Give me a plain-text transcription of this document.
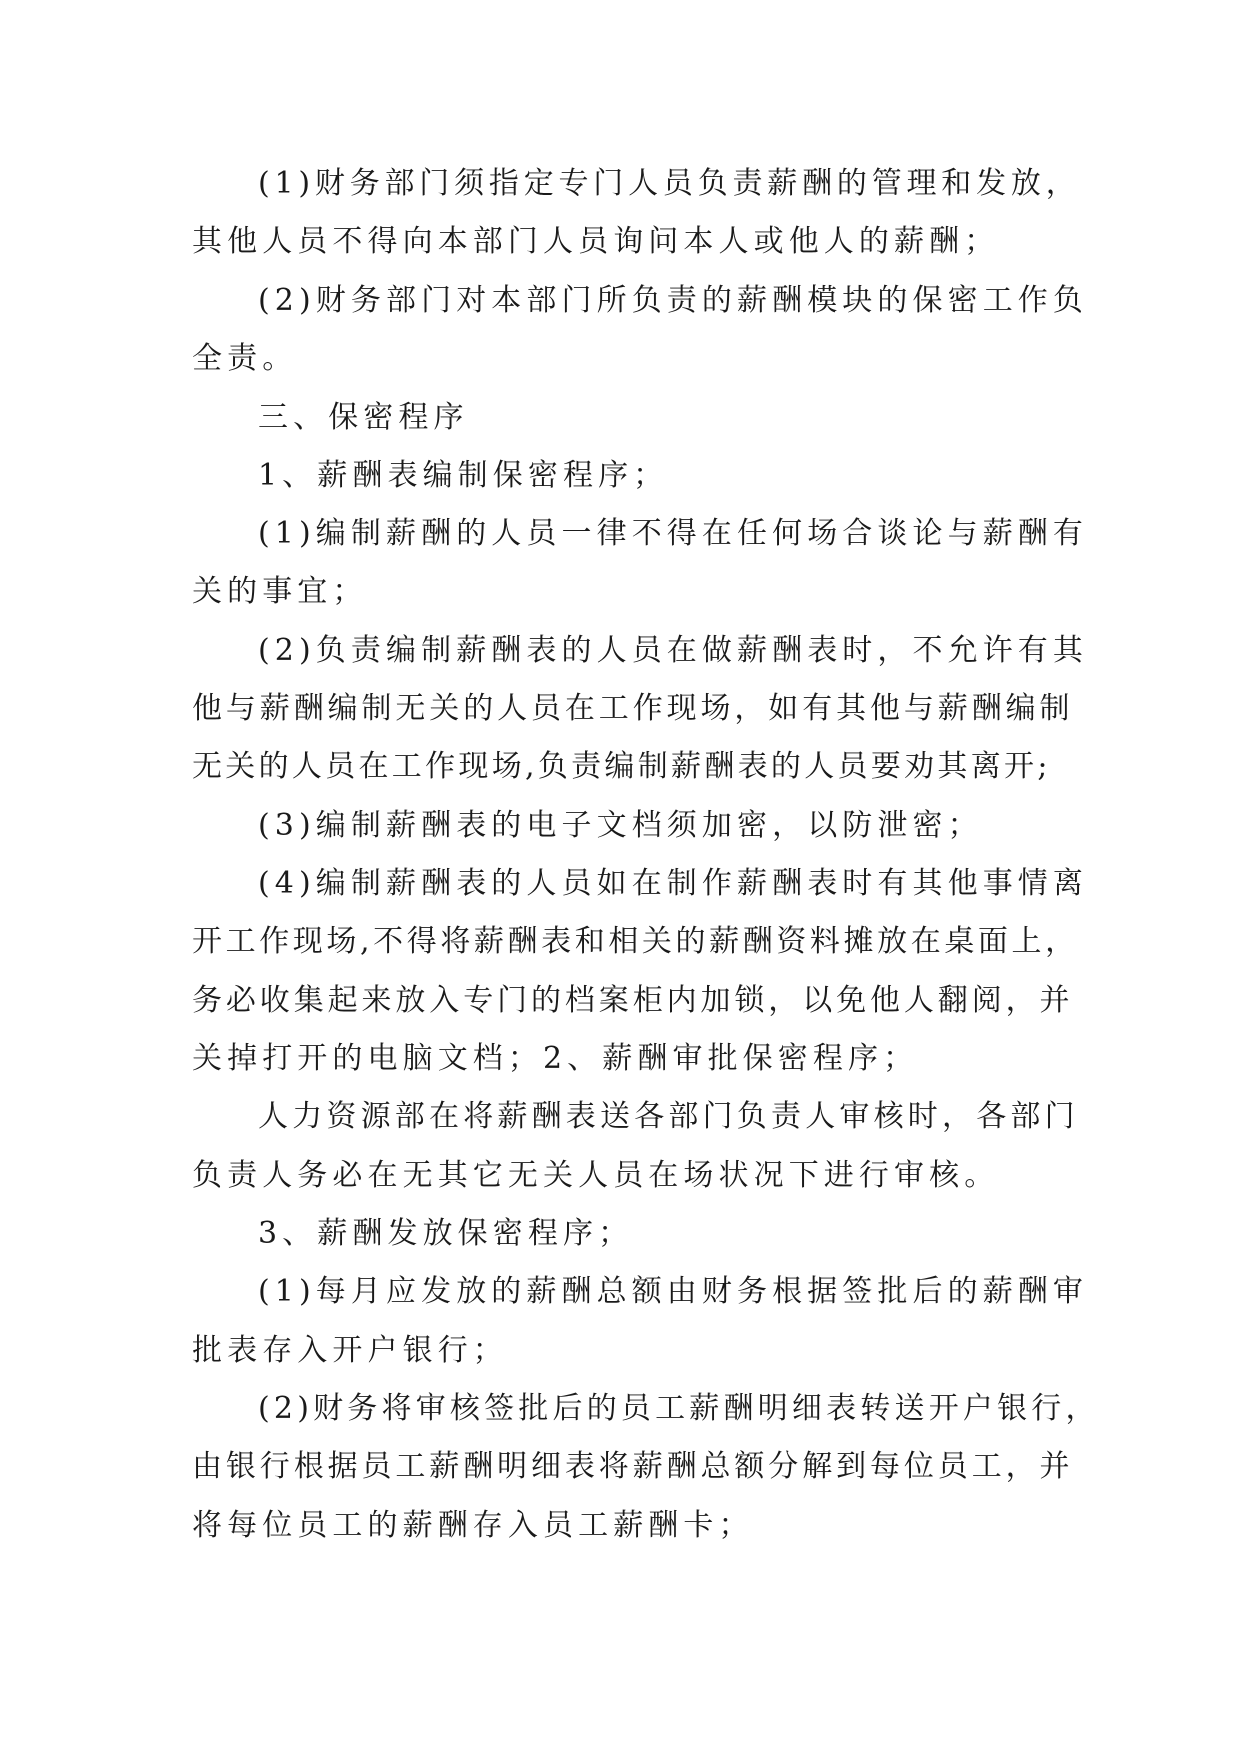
(1)财务部门须指定专门人员负责薪酬的管理和发放，
其他人员不得向本部门人员询问本人或他人的薪酬；
(2)财务部门对本部门所负责的薪酬模块的保密工作负
全责。
三、保密程序
1、薪酬表编制保密程序；
(1)编制薪酬的人员一律不得在任何场合谈论与薪酬有
关的事宜；
(2)负责编制薪酬表的人员在做薪酬表时，不允许有其
他与薪酬编制无关的人员在工作现场，如有其他与薪酬编制
无关的人员在工作现场,负责编制薪酬表的人员要劝其离开;
(3)编制薪酬表的电子文档须加密，以防泄密；
(4)编制薪酬表的人员如在制作薪酬表时有其他事情离
开工作现场,不得将薪酬表和相关的薪酬资料摊放在桌面上，
务必收集起来放入专门的档案柜内加锁，以免他人翻阅，并
关掉打开的电脑文档；2、薪酬审批保密程序；
人力资源部在将薪酬表送各部门负责人审核时，各部门
负责人务必在无其它无关人员在场状况下进行审核。
3、薪酬发放保密程序；
(1)每月应发放的薪酬总额由财务根据签批后的薪酬审
批表存入开户银行；
(2)财务将审核签批后的员工薪酬明细表转送开户银行，
由银行根据员工薪酬明细表将薪酬总额分解到每位员工，并
将每位员工的薪酬存入员工薪酬卡；
